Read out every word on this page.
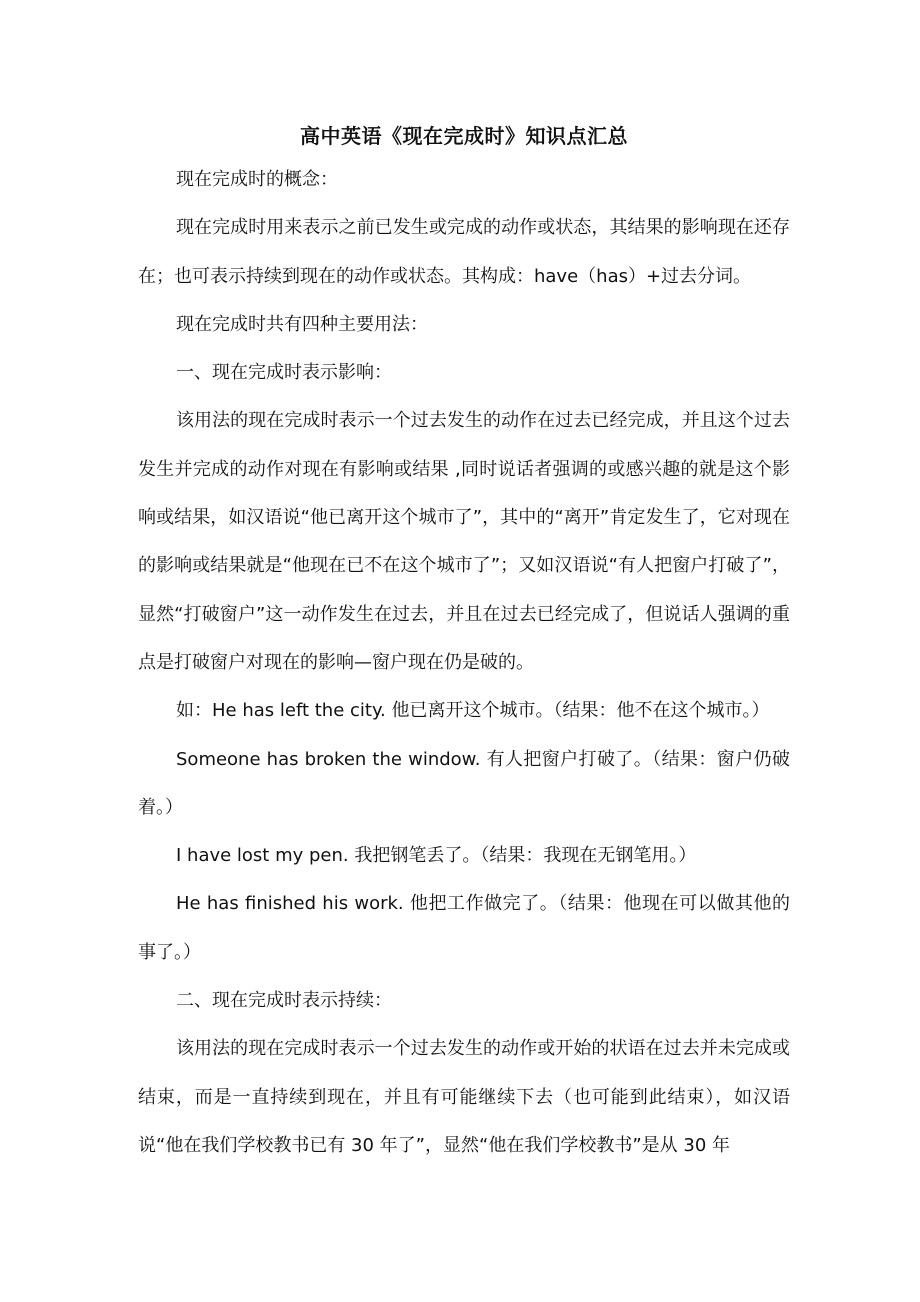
高中英语《现在完成时》知识点汇总

现在完成时的概念：

现在完成时用来表示之前已发生或完成的动作或状态，其结果的影响现在还存在；也可表示持续到现在的动作或状态。其构成：have（has）+过去分词。

现在完成时共有四种主要用法：

一、现在完成时表示影响：

该用法的现在完成时表示一个过去发生的动作在过去已经完成，并且这个过去发生并完成的动作对现在有影响或结果 ,同时说话者强调的或感兴趣的就是这个影响或结果，如汉语说“他已离开这个城市了”，其中的“离开”肯定发生了，它对现在的影响或结果就是“他现在已不在这个城市了”；又如汉语说“有人把窗户打破了”，显然“打破窗户”这一动作发生在过去，并且在过去已经完成了，但说话人强调的重点是打破窗户对现在的影响—窗户现在仍是破的。

如：He has left the city. 他已离开这个城市。（结果：他不在这个城市。）

Someone has broken the window. 有人把窗户打破了。（结果：窗户仍破着。）

I have lost my pen. 我把钢笔丢了。（结果：我现在无钢笔用。）

He has finished his work. 他把工作做完了。（结果：他现在可以做其他的事了。）

二、现在完成时表示持续：

该用法的现在完成时表示一个过去发生的动作或开始的状语在过去并未完成或结束，而是一直持续到现在，并且有可能继续下去（也可能到此结束），如汉语说“他在我们学校教书已有 30 年了”，显然“他在我们学校教书”是从 30 年
